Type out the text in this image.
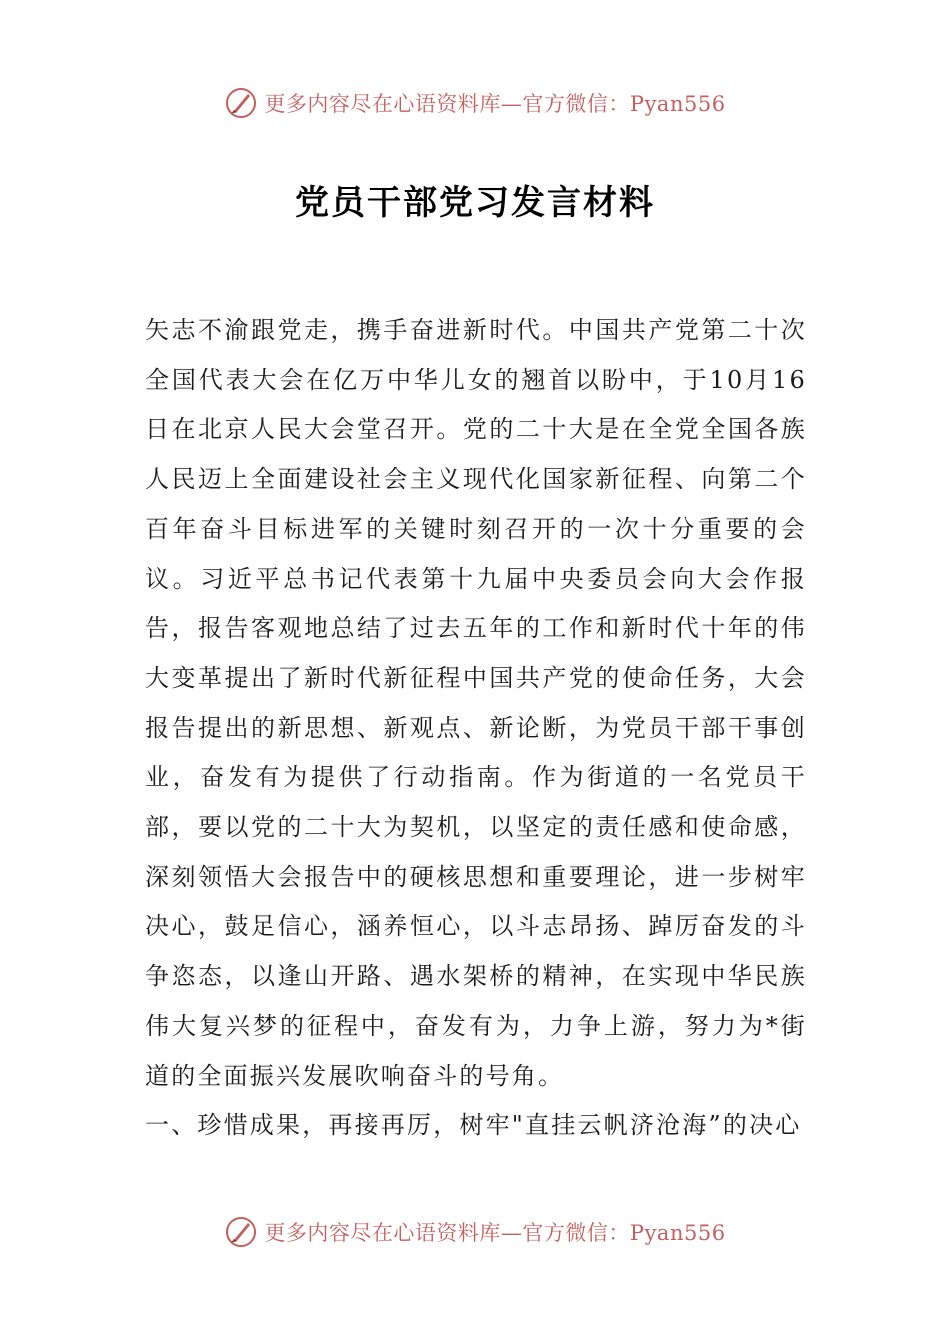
更多内容尽在心语资料库—官方微信：Pyan556
党员干部党习发言材料

矢志不渝跟党走，携手奋进新时代。中国共产党第二十次全国代表大会在亿万中华儿女的翘首以盼中，于10月16日在北京人民大会堂召开。党的二十大是在全党全国各族人民迈上全面建设社会主义现代化国家新征程、向第二个百年奋斗目标进军的关键时刻召开的一次十分重要的会议。习近平总书记代表第十九届中央委员会向大会作报告，报告客观地总结了过去五年的工作和新时代十年的伟大变革提出了新时代新征程中国共产党的使命任务，大会报告提出的新思想、新观点、新论断，为党员干部干事创业，奋发有为提供了行动指南。作为街道的一名党员干部，要以党的二十大为契机，以坚定的责任感和使命感，深刻领悟大会报告中的硬核思想和重要理论，进一步树牢决心，鼓足信心，涵养恒心，以斗志昂扬、踔厉奋发的斗争恣态，以逢山开路、遇水架桥的精神，在实现中华民族伟大复兴梦的征程中，奋发有为，力争上游，努力为*街道的全面振兴发展吹响奋斗的号角。

一、珍惜成果，再接再厉，树牢"直挂云帆济沧海”的决心

更多内容尽在心语资料库—官方微信：Pyan556
